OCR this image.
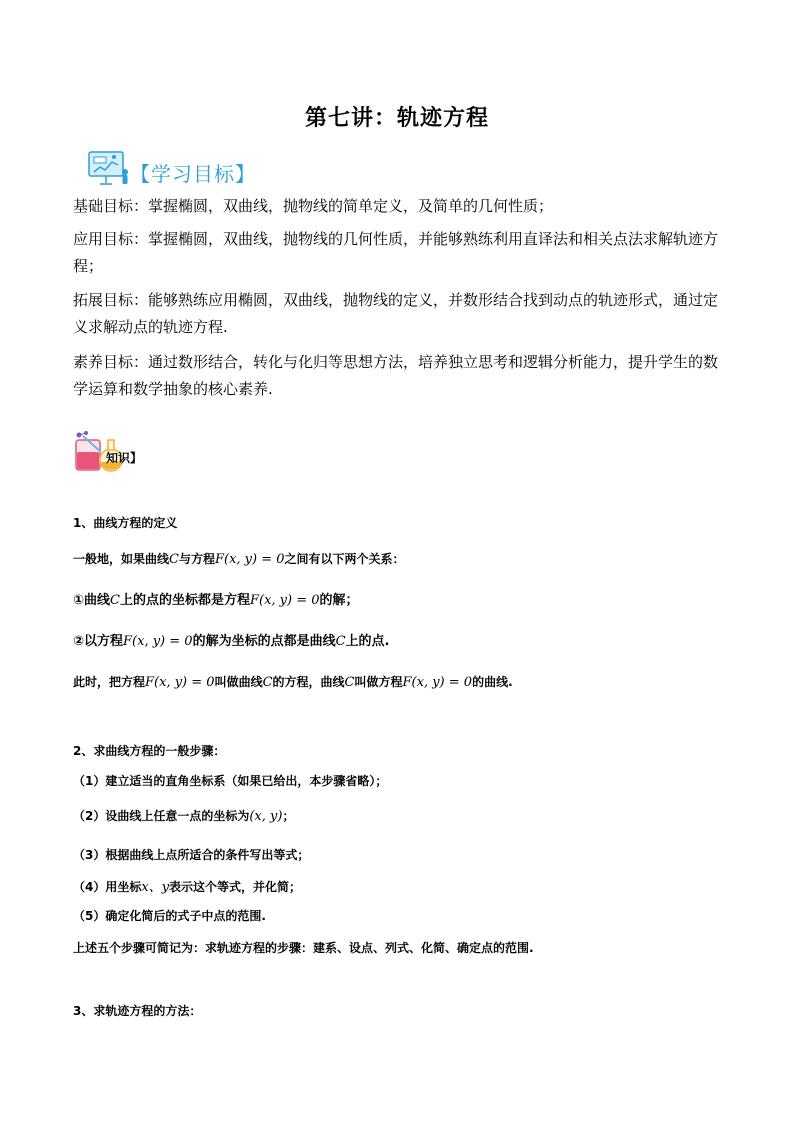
第七讲：轨迹方程
【学习目标】

基础目标：掌握椭圆，双曲线，抛物线的简单定义，及简单的几何性质；

应用目标：掌握椭圆，双曲线，抛物线的几何性质，并能够熟练利用直译法和相关点法求解轨迹方程；

拓展目标：能够熟练应用椭圆，双曲线，抛物线的定义，并数形结合找到动点的轨迹形式，通过定义求解动点的轨迹方程.

素养目标：通过数形结合，转化与化归等思想方法，培养独立思考和逻辑分析能力，提升学生的数学运算和数学抽象的核心素养.

知识】

1、曲线方程的定义

一般地，如果曲线C与方程F(x, y) = 0之间有以下两个关系：

①曲线C上的点的坐标都是方程F(x, y) = 0的解；

②以方程F(x, y) = 0的解为坐标的点都是曲线C上的点.

此时，把方程F(x, y) = 0叫做曲线C的方程，曲线C叫做方程F(x, y) = 0的曲线.

2、求曲线方程的一般步骤：

（1）建立适当的直角坐标系（如果已给出，本步骤省略）；

（2）设曲线上任意一点的坐标为(x, y)；

（3）根据曲线上点所适合的条件写出等式；

（4）用坐标x、y表示这个等式，并化简；

（5）确定化简后的式子中点的范围.

上述五个步骤可简记为：求轨迹方程的步骤：建系、设点、列式、化简、确定点的范围.

3、求轨迹方程的方法：
